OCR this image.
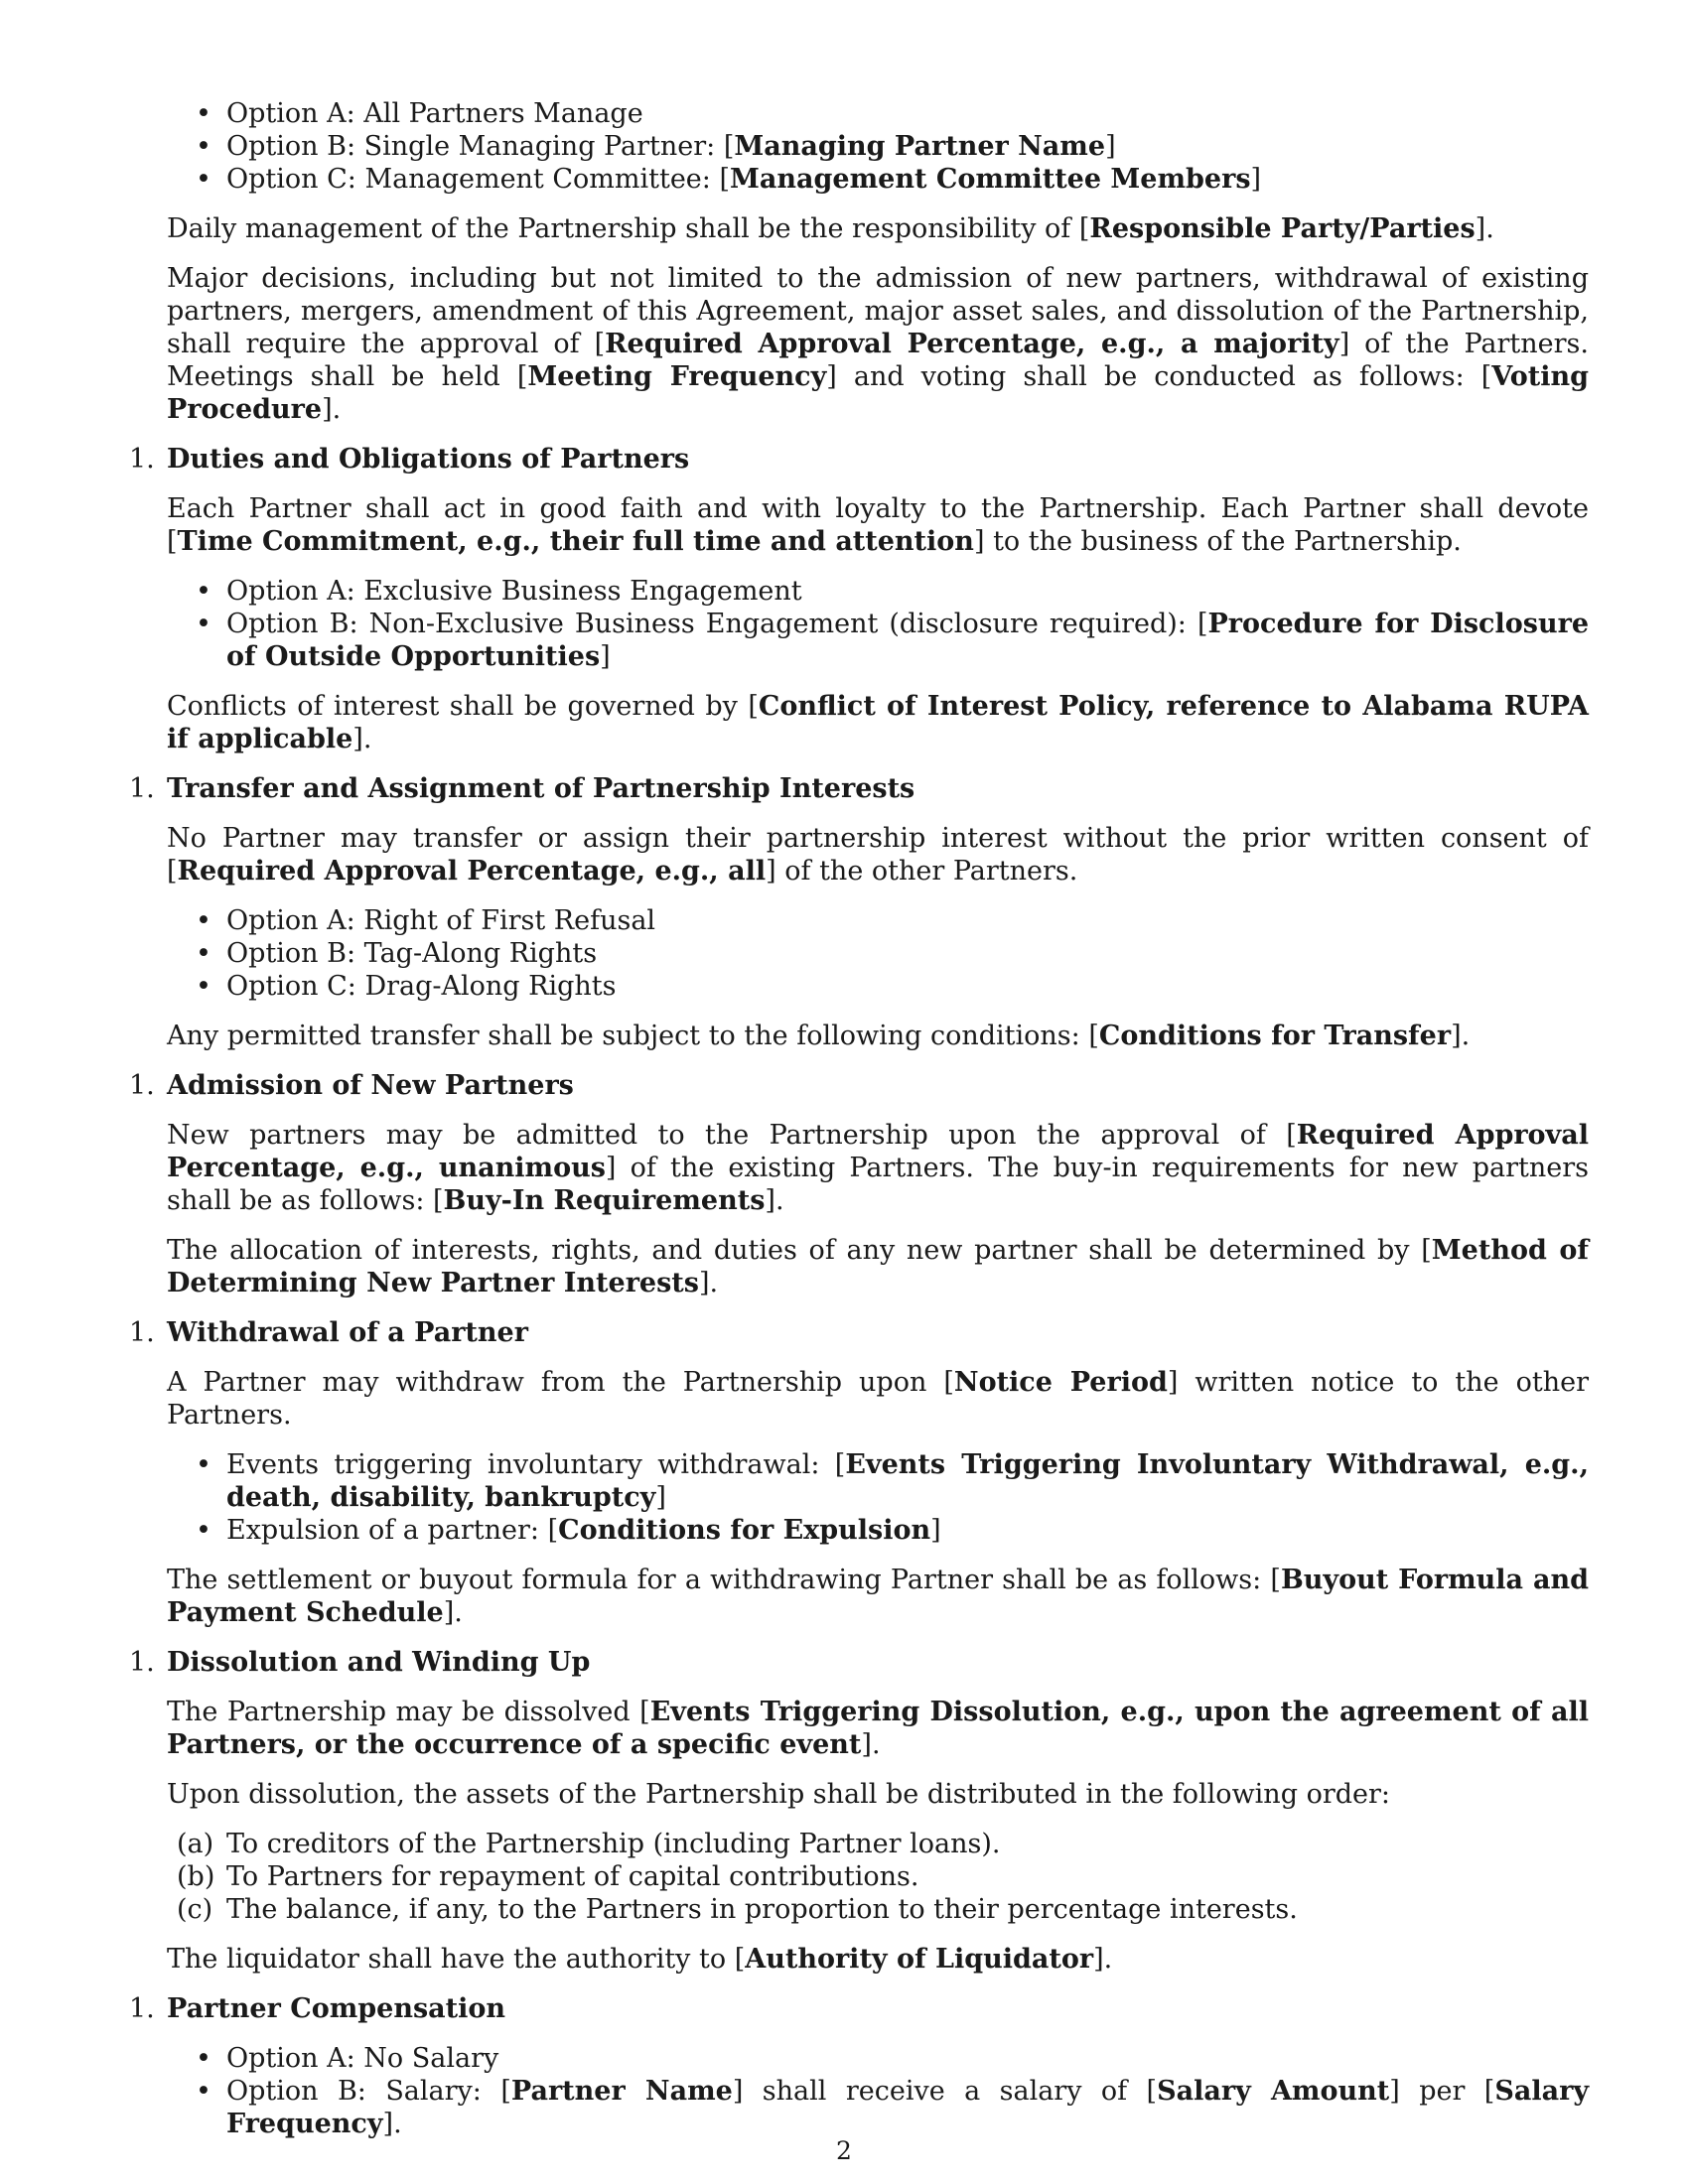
• Option A: All Partners Manage
• Option B: Single Managing Partner: [Managing Partner Name]
• Option C: Management Committee: [Management Committee Members]

Daily management of the Partnership shall be the responsibility of [Responsible Party/Parties].

Major decisions, including but not limited to the admission of new partners, withdrawal of existing partners, mergers, amendment of this Agreement, major asset sales, and dissolution of the Partnership, shall require the approval of [Required Approval Percentage, e.g., a majority] of the Partners. Meetings shall be held [Meeting Frequency] and voting shall be conducted as follows: [Voting Procedure].

1. Duties and Obligations of Partners

Each Partner shall act in good faith and with loyalty to the Partnership. Each Partner shall devote [Time Commitment, e.g., their full time and attention] to the business of the Partnership.

• Option A: Exclusive Business Engagement
• Option B: Non-Exclusive Business Engagement (disclosure required): [Procedure for Disclosure of Outside Opportunities]

Conflicts of interest shall be governed by [Conflict of Interest Policy, reference to Alabama RUPA if applicable].

1. Transfer and Assignment of Partnership Interests

No Partner may transfer or assign their partnership interest without the prior written consent of [Required Approval Percentage, e.g., all] of the other Partners.

• Option A: Right of First Refusal
• Option B: Tag-Along Rights
• Option C: Drag-Along Rights

Any permitted transfer shall be subject to the following conditions: [Conditions for Transfer].

1. Admission of New Partners

New partners may be admitted to the Partnership upon the approval of [Required Approval Percentage, e.g., unanimous] of the existing Partners. The buy-in requirements for new partners shall be as follows: [Buy-In Requirements].

The allocation of interests, rights, and duties of any new partner shall be determined by [Method of Determining New Partner Interests].

1. Withdrawal of a Partner

A Partner may withdraw from the Partnership upon [Notice Period] written notice to the other Partners.

• Events triggering involuntary withdrawal: [Events Triggering Involuntary Withdrawal, e.g., death, disability, bankruptcy]
• Expulsion of a partner: [Conditions for Expulsion]

The settlement or buyout formula for a withdrawing Partner shall be as follows: [Buyout Formula and Payment Schedule].

1. Dissolution and Winding Up

The Partnership may be dissolved [Events Triggering Dissolution, e.g., upon the agreement of all Partners, or the occurrence of a specific event].

Upon dissolution, the assets of the Partnership shall be distributed in the following order:

(a) To creditors of the Partnership (including Partner loans).
(b) To Partners for repayment of capital contributions.
(c) The balance, if any, to the Partners in proportion to their percentage interests.

The liquidator shall have the authority to [Authority of Liquidator].

1. Partner Compensation
• Option A: No Salary
• Option B: Salary: [Partner Name] shall receive a salary of [Salary Amount] per [Salary Frequency].
2
